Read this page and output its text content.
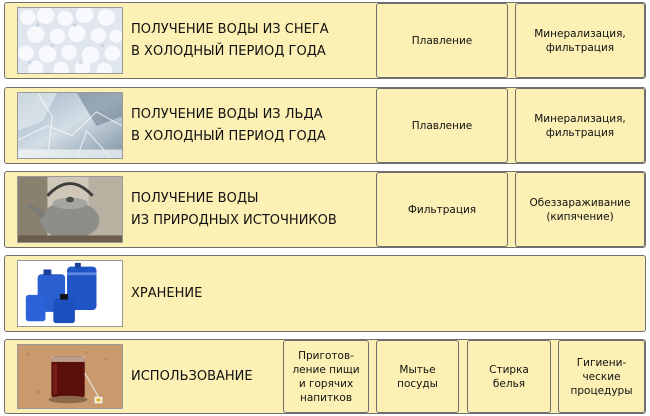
ПОЛУЧЕНИЕ ВОДЫ ИЗ СНЕГА
В ХОЛОДНЫЙ ПЕРИОД ГОДА
Плавление
Минерализация,
фильтрация
ПОЛУЧЕНИЕ ВОДЫ ИЗ ЛЬДА
В ХОЛОДНЫЙ ПЕРИОД ГОДА
Плавление
Минерализация,
фильтрация
ПОЛУЧЕНИЕ ВОДЫ
ИЗ ПРИРОДНЫХ ИСТОЧНИКОВ
Фильтрация
Обеззараживание
(кипячение)
ХРАНЕНИЕ
ИСПОЛЬЗОВАНИЕ
Приготов-
ление пищи
и горячих
напитков
Мытье
посуды
Стирка
белья
Гигиени-
ческие
процедуры
